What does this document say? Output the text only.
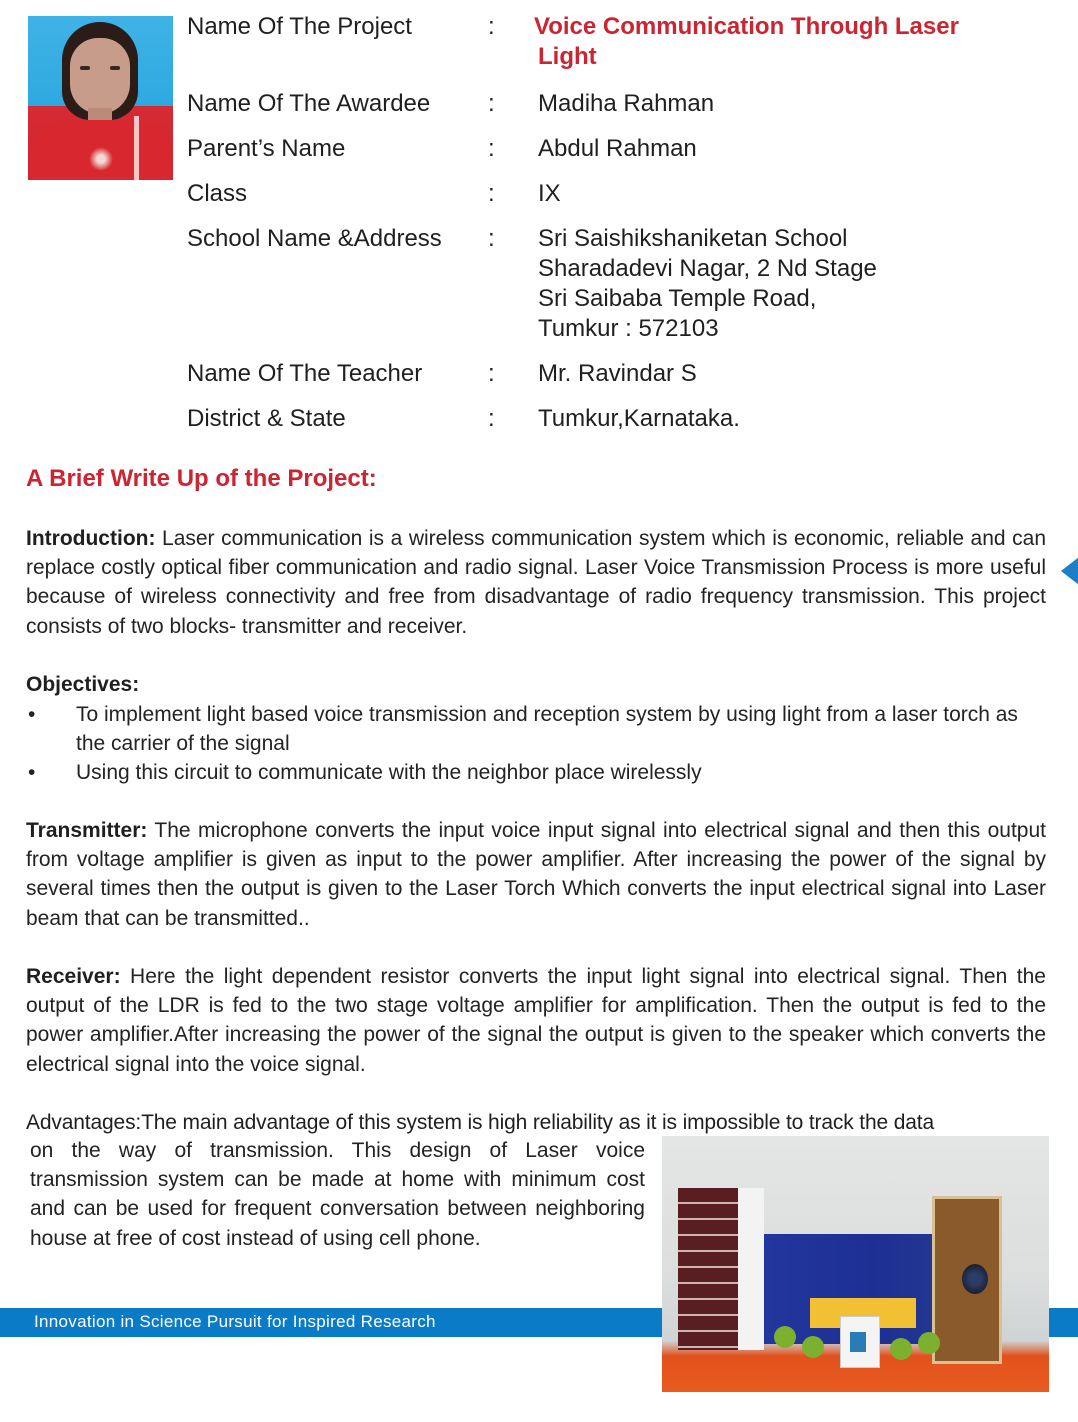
Name Of The Project	: Voice Communication Through Laser
Light
Name Of The Awardee : Madiha Rahman
Parent’s Name	: Abdul Rahman
Class	: IX
School Name &Address : Sri Saishikshaniketan School
Sharadadevi Nagar, 2 Nd Stage
Sri Saibaba Temple Road,
Tumkur : 572103
Name Of The Teacher	: Mr. Ravindar S
District & State	: Tumkur,Karnataka.
A Brief Write Up of the Project:
Introduction: Laser communication is a wireless communication system which is economic, reliable and can replace costly optical fiber communication and radio signal. Laser Voice Transmission Process is more useful because of wireless connectivity and free from disadvantage of radio frequency transmission. This project consists of two blocks- transmitter and receiver.
Objectives:
• To implement light based voice transmission and reception system by using light from a laser torch as the carrier of the signal
• Using this circuit to communicate with the neighbor place wirelessly
Transmitter: The microphone converts the input voice input signal into electrical signal and then this output from voltage amplifier is given as input to the power amplifier. After increasing the power of the signal by several times then the output is given to the Laser Torch Which converts the input electrical signal into Laser beam that can be transmitted..
Receiver: Here the light dependent resistor converts the input light signal into electrical signal. Then the output of the LDR is fed to the two stage voltage amplifier for amplification. Then the output is fed to the power amplifier.After increasing the power of the signal the output is given to the speaker which converts the electrical signal into the voice signal.
Advantages:The main advantage of this system is high reliability as it is impossible to track the data
on the way of transmission. This design of Laser voice transmission system can be made at home with minimum cost and can be used for frequent conversation between neighboring house at free of cost instead of using cell phone.
Innovation in Science Pursuit for Inspired Research
